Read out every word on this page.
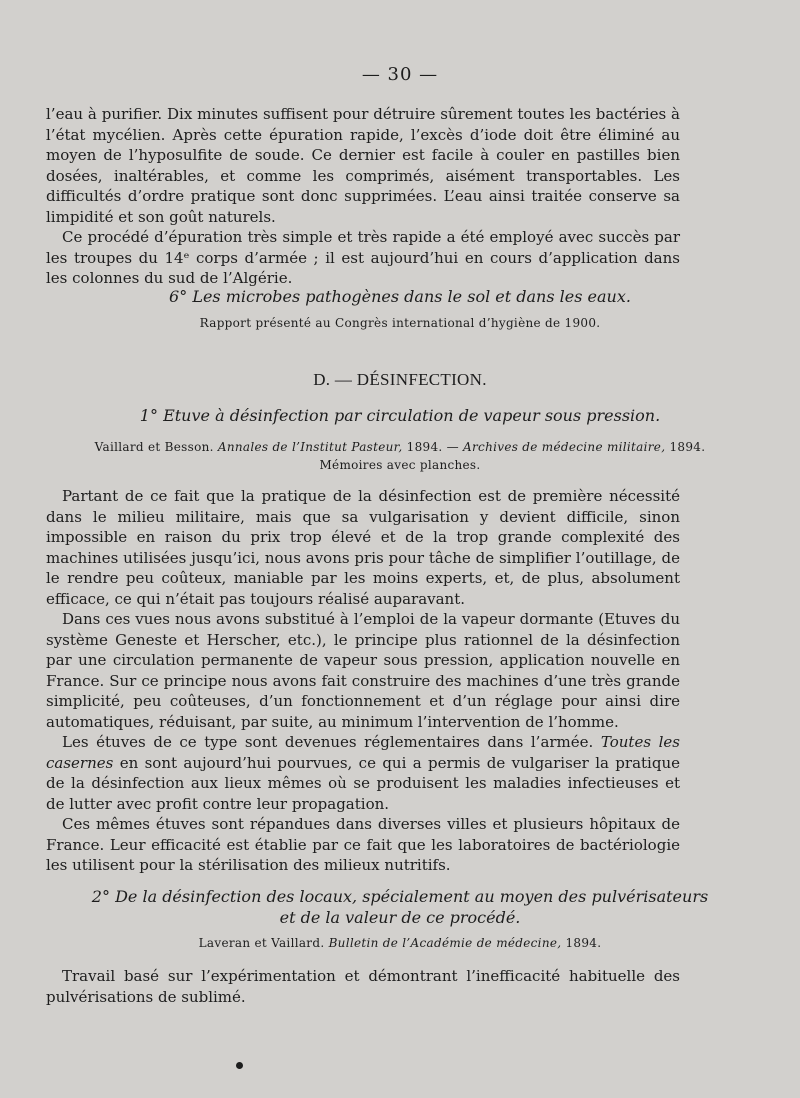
— 30 —

l’eau à purifier. Dix minutes suffisent pour détruire sûrement toutes les bactéries à l’état mycélien. Après cette épuration rapide, l’excès d’iode doit être éliminé au moyen de l’hyposulfite de soude. Ce dernier est facile à couler en pastilles bien dosées, inaltérables, et comme les comprimés, aisément transportables. Les difficultés d’ordre pratique sont donc supprimées. L’eau ainsi traitée conserve sa limpidité et son goût naturels.

Ce procédé d’épuration très simple et très rapide a été employé avec succès par les troupes du 14ᵉ corps d’armée ; il est aujourd’hui en cours d’application dans les colonnes du sud de l’Algérie.

6° Les microbes pathogènes dans le sol et dans les eaux.
Rapport présenté au Congrès international d’hygiène de 1900.
D. — DÉSINFECTION.
1° Etuve à désinfection par circulation de vapeur sous pression.
Vaillard et Besson. Annales de l’Institut Pasteur, 1894. — Archives de médecine militaire, 1894.
Mémoires avec planches.

Partant de ce fait que la pratique de la désinfection est de première nécessité dans le milieu militaire, mais que sa vulgarisation y devient difficile, sinon impossible en raison du prix trop élevé et de la trop grande complexité des machines utilisées jusqu’ici, nous avons pris pour tâche de simplifier l’outillage, de le rendre peu coûteux, maniable par les moins experts, et, de plus, absolument efficace, ce qui n’était pas toujours réalisé auparavant.

Dans ces vues nous avons substitué à l’emploi de la vapeur dormante (Etuves du système Geneste et Herscher, etc.), le principe plus rationnel de la désinfection par une circulation permanente de vapeur sous pression, application nouvelle en France. Sur ce principe nous avons fait construire des machines d’une très grande simplicité, peu coûteuses, d’un fonctionnement et d’un réglage pour ainsi dire automatiques, réduisant, par suite, au minimum l’intervention de l’homme.

Les étuves de ce type sont devenues réglementaires dans l’armée. Toutes les casernes en sont aujourd’hui pourvues, ce qui a permis de vulgariser la pratique de la désinfection aux lieux mêmes où se produisent les maladies infectieuses et de lutter avec profit contre leur propagation.

Ces mêmes étuves sont répandues dans diverses villes et plusieurs hôpitaux de France. Leur efficacité est établie par ce fait que les laboratoires de bactériologie les utilisent pour la stérilisation des milieux nutritifs.

2° De la désinfection des locaux, spécialement au moyen des pulvérisateurs
et de la valeur de ce procédé.
Laveran et Vaillard. Bulletin de l’Académie de médecine, 1894.

Travail basé sur l’expérimentation et démontrant l’inefficacité habituelle des pulvérisations de sublimé.
